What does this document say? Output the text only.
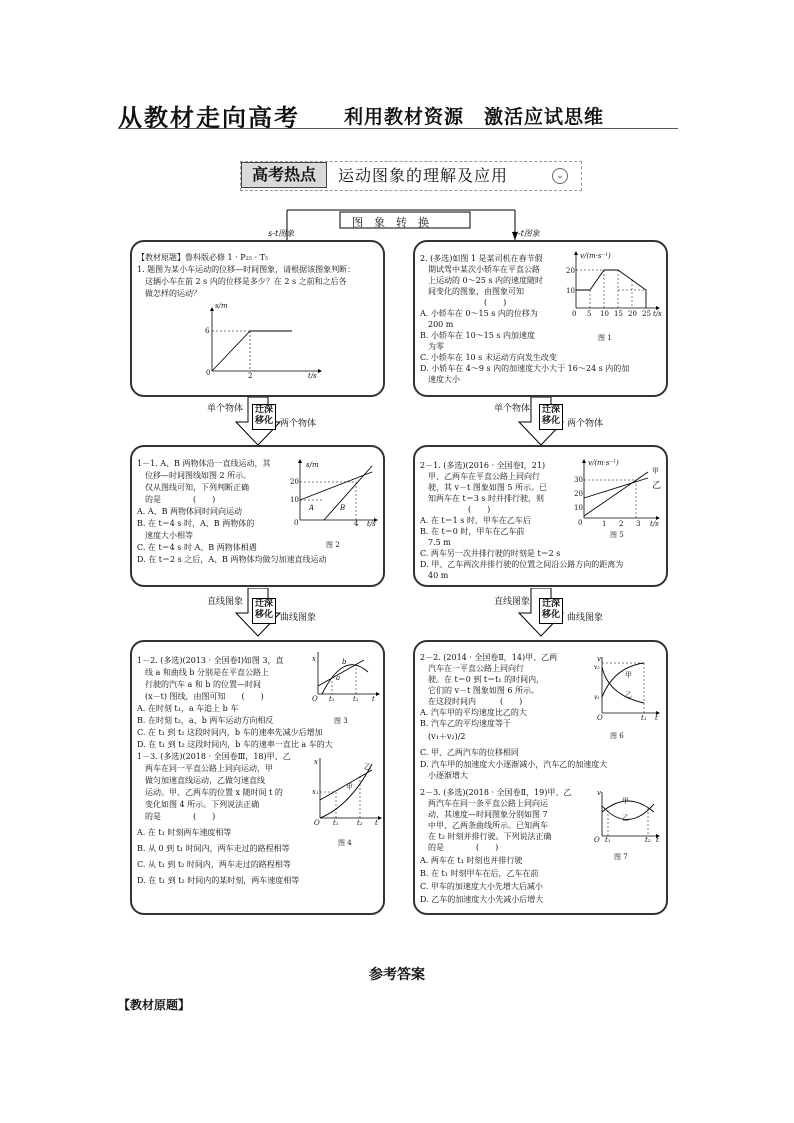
从教材走向高考 利用教材资源　激活应试思维
高考热点	运动图象的理解及应用	⌄
图　象　转　换
s-t图象	v-t图象
【教材原题】鲁科版必修 1 · P₂₅ · T₅
1. 题图为某小车运动的位移—时间图象，请根据该图象判断：
　这辆小车在前 2 s 内的位移是多少？在 2 s 之前和之后各
　做怎样的运动？
s/m
t/s
6
2
0
2. (多选)如图 1 是某司机在春节假
　期试驾中某次小轿车在平直公路
　上运动的 0～25 s 内的速度随时
　间变化的图象，由图象可知
　　　　　　　　(　　)
A. 小轿车在 0～15 s 内的位移为
　200 m
B. 小轿车在 10～15 s 内加速度
　为零
C. 小轿车在 10 s 末运动方向发生改变
D. 小轿车在 4～9 s 内的加速度大小大于 16～24 s 内的加
　速度大小
v/(m·s⁻¹)
20
10
5 10 15 20 25 t/s
0
图 1
单个物体	迁深
移化 两个物体
单个物体	迁深
移化 两个物体
1－1. A、B 两物体沿一直线运动，其
　位移—时间图线如图 2 所示。
　仅从图线可知，下列判断正确
　的是　　　　(　　)
A. A、B 两物体同时同向运动
B. 在 t＝4 s 时，A、B 两物体的
　速度大小相等
C. 在 t＝4 s 时 A、B 两物体相遇
D. 在 t＝2 s 之后，A、B 两物体均做匀加速直线运动
s/m
20
10
4 t/s
0
A	B
图 2
2－1. (多选)(2016 · 全国卷Ⅰ，21)
　甲、乙两车在平直公路上同向行
　驶，其 v－t 图象如图 5 所示。已
　知两车在 t＝3 s 时并排行驶，则
　　　　　　(　　)
A. 在 t＝1 s 时，甲车在乙车后
B. 在 t＝0 时，甲车在乙车前
　7.5 m
C. 两车另一次并排行驶的时刻是 t＝2 s
D. 甲、乙车两次并排行驶的位置之间沿公路方向的距离为
　40 m
v/(m·s⁻¹)
30
20
10
1 2 3 t/s
0
甲
乙
图 5
直线图象	迁深
移化 曲线图象
直线图象	迁深
移化 曲线图象
1－2. (多选)(2013 · 全国卷Ⅰ)如图 3，直
　线 a 和曲线 b 分别是在平直公路上
　行驶的汽车 a 和 b 的位置—时间
　(x－t) 图线，由图可知　　(　　)
A. 在时刻 t₁，a 车追上 b 车
B. 在时刻 t₂，a、b 两车运动方向相反
C. 在 t₁ 到 t₂ 这段时间内，b 车的速率先减少后增加
D. 在 t₁ 到 t₂ 这段时间内，b 车的速率一直比 a 车的大
1－3. (多选)(2018 · 全国卷Ⅲ，18)甲、乙
　两车在同一平直公路上同向运动，甲
　做匀加速直线运动，乙做匀速直线
　运动。甲、乙两车的位置 x 随时间 t 的
　变化如图 4 所示。下列说法正确
　的是　　　　(　　)
A. 在 t₁ 时刻两车速度相等
B. 从 0 到 t₁ 时间内，两车走过的路程相等
C. 从 t₁ 到 t₂ 时间内，两车走过的路程相等
D. 在 t₁ 到 t₂ 时间内的某时刻，两车速度相等
x	b
a
O t₁	t₂ t
图 3
x
x₁
乙
甲
O t₁	t₂ t
图 4
2－2. (2014 · 全国卷Ⅱ，14)甲、乙两
　汽车在一平直公路上同向行
　驶。在 t＝0 到 t＝t₁ 的时间内，
　它们的 v－t 图象如图 6 所示。
　在这段时间内　　　(　　)
A. 汽车甲的平均速度比乙的大
B. 汽车乙的平均速度等于
　(v₁＋v₂)/2
C. 甲、乙两汽车的位移相同
D. 汽车甲的加速度大小逐渐减小，汽车乙的加速度大
　小逐渐增大
2－3. (多选)(2018 · 全国卷Ⅱ，19)甲、乙
　两汽车在同一条平直公路上同向运
　动，其速度—时间图象分别如图 7
　中甲、乙两条曲线所示。已知两车
　在 t₂ 时刻并排行驶。下列说法正确
　的是　　　　(　　)
A. 两车在 t₁ 时刻也并排行驶
B. 在 t₁ 时刻甲车在后，乙车在前
C. 甲车的加速度大小先增大后减小
D. 乙车的加速度大小先减小后增大
v
v₂
v₁
甲
乙
O	t₁ t
图 6
v
甲
乙
O t₁	t₂ t
图 7
参考答案
【教材原题】
